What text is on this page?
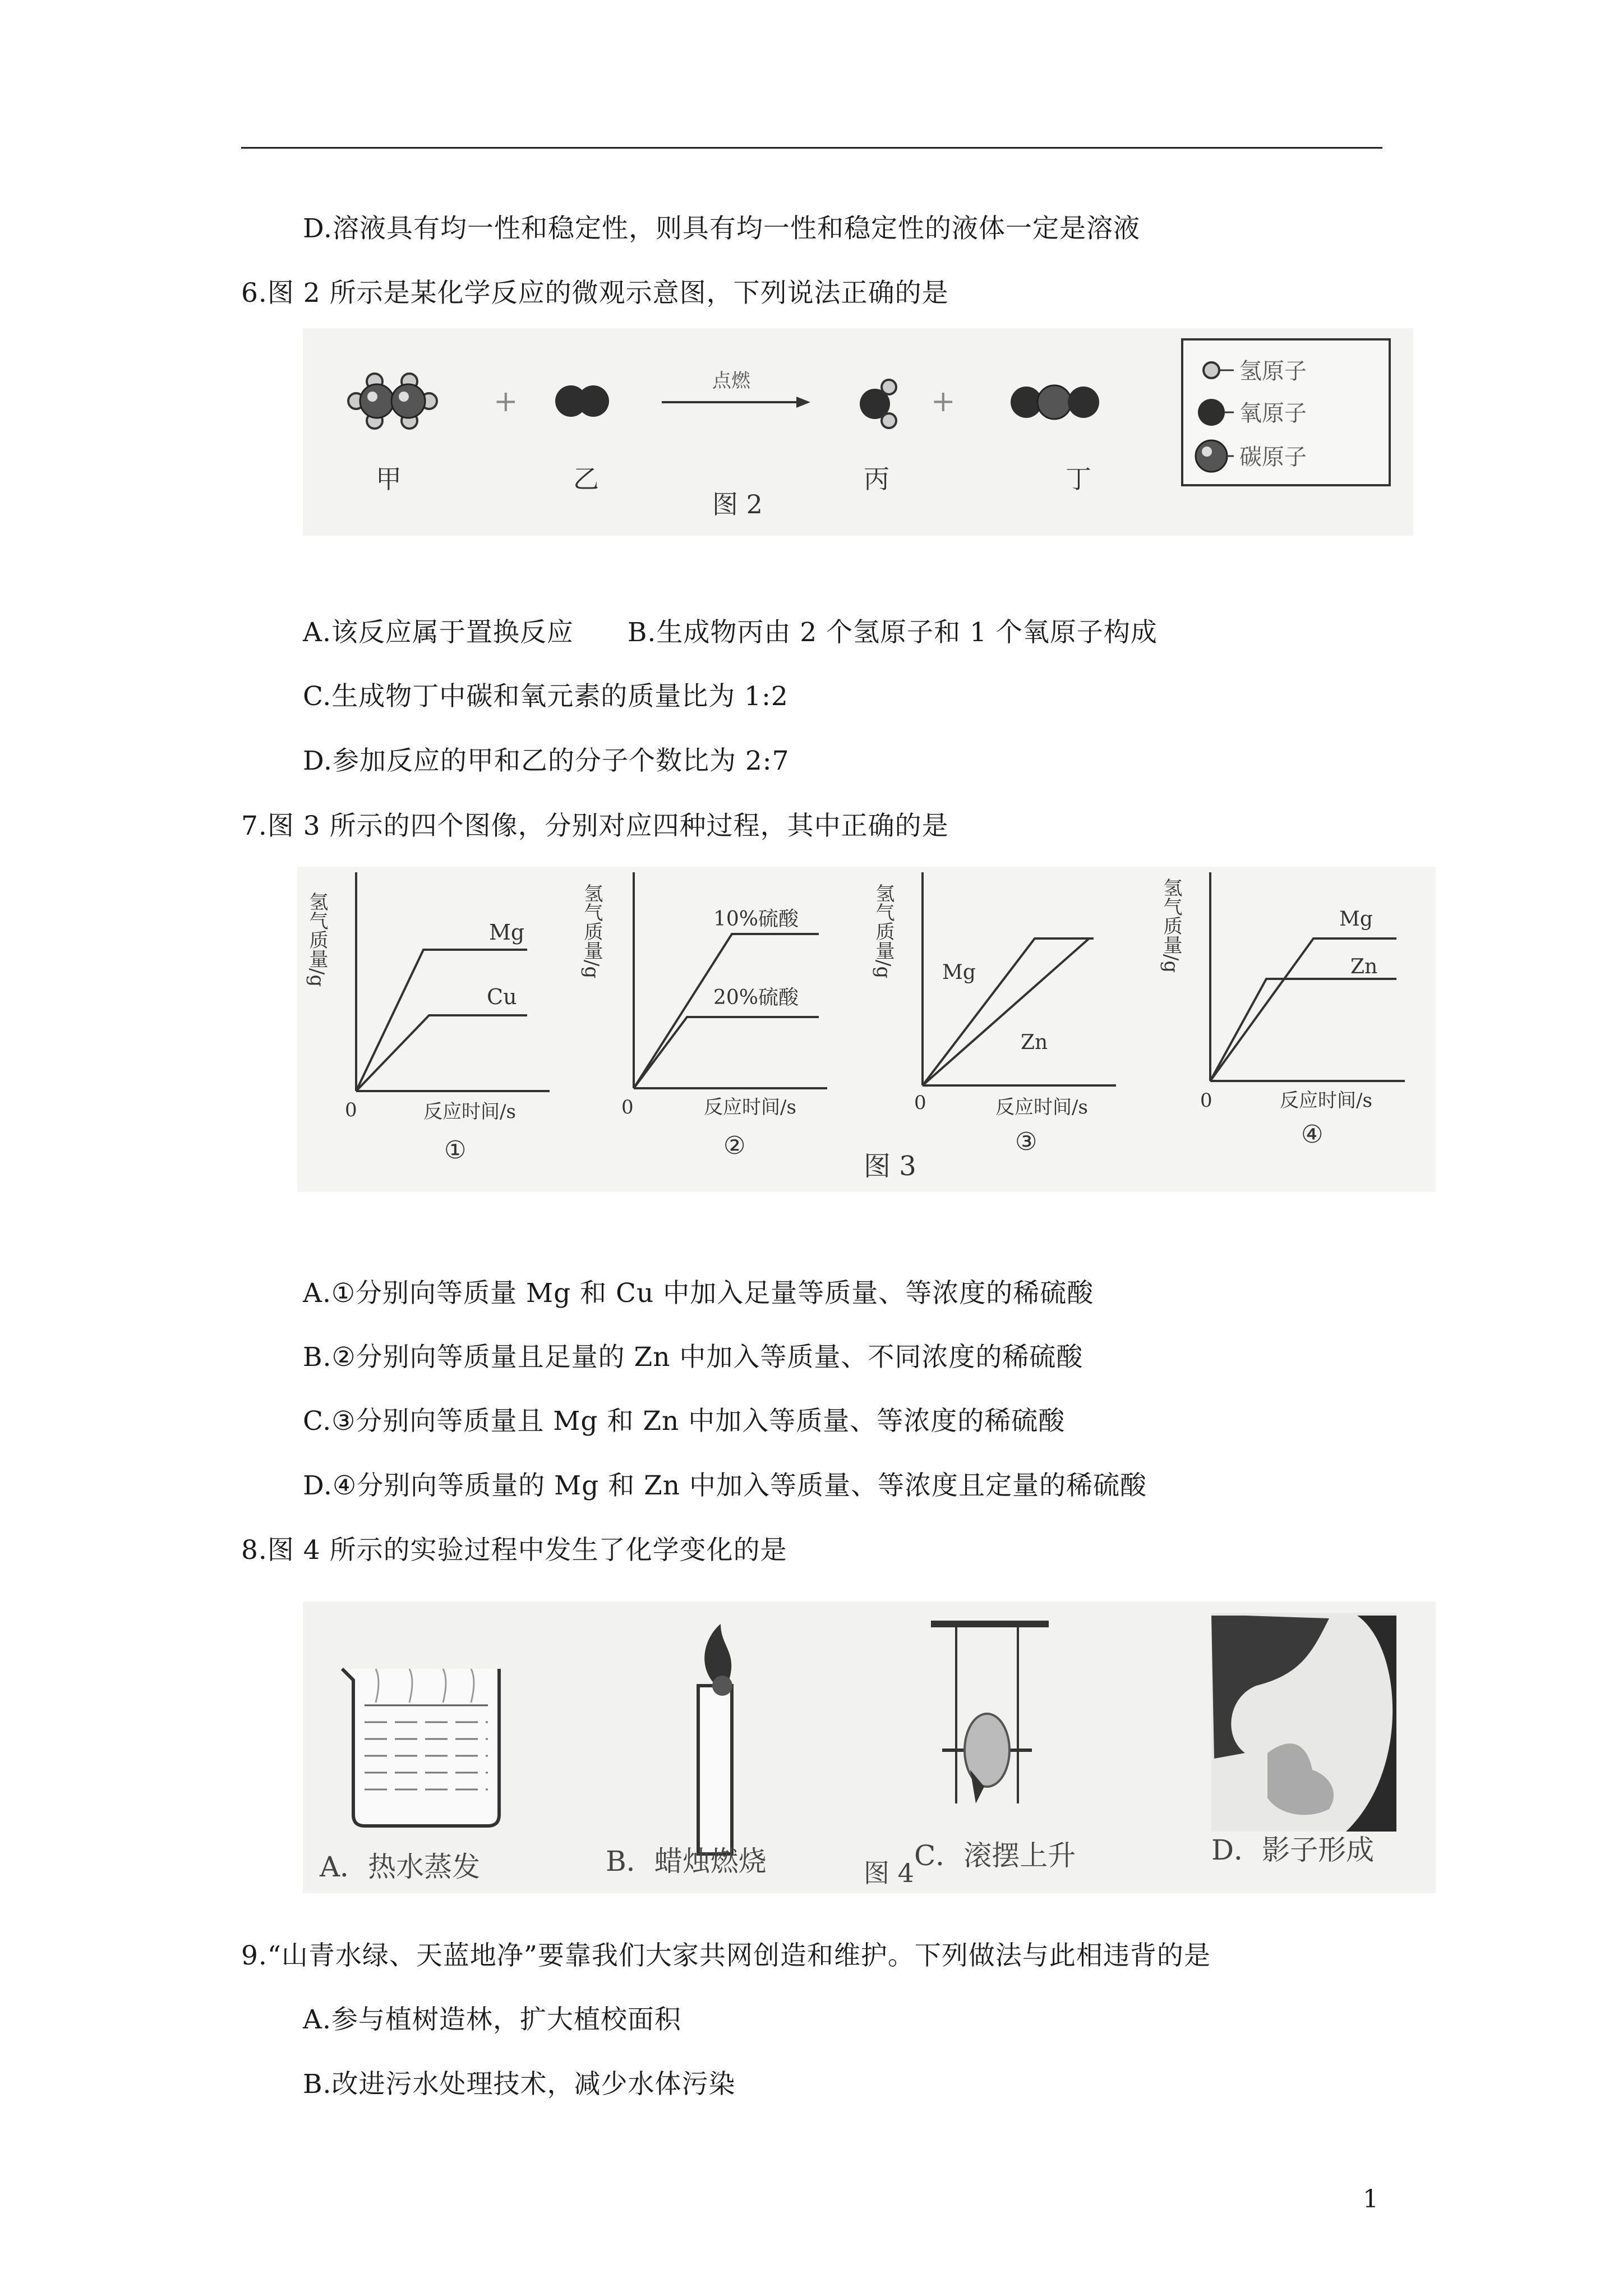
D.溶液具有均一性和稳定性，则具有均一性和稳定性的液体一定是溶液
6.图 2 所示是某化学反应的微观示意图，下列说法正确的是
+
点燃
+
甲	乙	丙	丁
图 2
氢原子
氧原子
碳原子
A.该反应属于置换反应　　B.生成物丙由 2 个氢原子和 1 个氧原子构成
C.生成物丁中碳和氧元素的质量比为 1:2
D.参加反应的甲和乙的分子个数比为 2:7
7.图 3 所示的四个图像，分别对应四种过程，其中正确的是
氢气质量/g	Mg
Cu
0	反应时间/s
①
氢气质量/g	10%硫酸
20%硫酸
0	反应时间/s
②
氢气质量/g Mg
Zn
0	反应时间/s
③
氢气质量/g	Mg
Zn
0	反应时间/s
④
图 3
A.①分别向等质量 Mg 和 Cu 中加入足量等质量、等浓度的稀硫酸
B.②分别向等质量且足量的 Zn 中加入等质量、不同浓度的稀硫酸
C.③分别向等质量且 Mg 和 Zn 中加入等质量、等浓度的稀硫酸
D.④分别向等质量的 Mg 和 Zn 中加入等质量、等浓度且定量的稀硫酸
8.图 4 所示的实验过程中发生了化学变化的是
A．热水蒸发	B．蜡烛燃烧	C．滚摆上升	D．影子形成
图 4
9.“山青水绿、天蓝地净”要靠我们大家共网创造和维护。下列做法与此相违背的是
A.参与植树造林，扩大植校面积
B.改进污水处理技术，减少水体污染
1
